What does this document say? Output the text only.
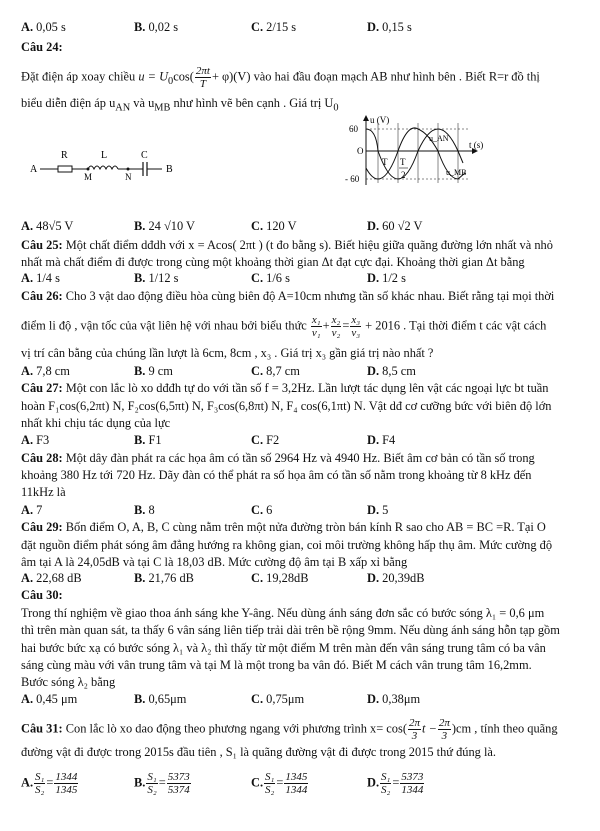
A. 0,05 s	B. 0,02 s	C. 2/15 s	D. 0,15 s
Câu 24:
Đặt điện áp xoay chiều $u = U_0\cos( \frac{2\pi t}{T} + \varphi)(V)$ vào hai đầu đoạn mạch AB như hình bên . Biết R=r đồ thị
biểu diễn điện áp $u_{AN}$ và $u_{MB}$ như hình vẽ bên cạnh . Giá trị $U_0$
A
R
M
L
N
C
B
u (V)
t (s)
60
- 60
O
u_AN
u_MB
T T
2
A. 48√5 V	B. 24 √10 V	C. 120 V	D. 60 √2 V
Câu 25: Một chất điểm dđdh với x = Acos( 2πt ) (t đo bằng s). Biết hiệu giữa quãng đường lớn nhất và nhỏ
nhất mà chất điểm đi được trong cùng một khoảng thời gian Δt đạt cực đại. Khoảng thời gian Δt bằng
A. 1/4 s	B. 1/12 s	C. 1/6 s	D. 1/2 s
Câu 26: Cho 3 vật dao động điều hòa cùng biên độ A=10cm nhưng tần số khác nhau. Biết rằng tại mọi thời
điểm li độ , vận tốc của vật liên hệ với nhau bởi biểu thức $\frac{\text{x₁}}{\text{v₁}} + \frac{\text{x₂}}{\text{v₂}} = \frac{\text{x₃}}{\text{v₃}} + 2016$ . Tại thời điểm t các vật cách
vị trí cân bằng của chúng lần lượt là 6cm, 8cm , x₃ . Giá trị x₃ gần giá trị nào nhất ?
A. 7,8 cm	B. 9 cm	C. 8,7 cm	D. 8,5 cm
Câu 27: Một con lắc lò xo dđđh tự do với tần số f = 3,2Hz. Lần lượt tác dụng lên vật các ngoại lực bt tuần
hoàn F₁cos(6,2πt) N, F₂cos(6,5πt) N, F₃cos(6,8πt) N, F₄ cos(6,1πt) N. Vật dđ cơ cưỡng bức với biên độ lớn
nhất khi chịu tác dụng của lực
A. F3	B. F1	C. F2	D. F4
Câu 28: Một dây đàn phát ra các họa âm có tần số 2964 Hz và 4940 Hz. Biết âm cơ bản có tần số trong
khoảng 380 Hz tới 720 Hz. Dãy đàn có thể phát ra số họa âm có tần số nằm trong khoảng từ 8 kHz đến
11kHz là
A. 7	B. 8	C. 6	D. 5
Câu 29: Bốn điểm O, A, B, C cùng nằm trên một nửa đường tròn bán kính R sao cho AB = BC =R. Tại O
đặt nguồn điểm phát sóng âm đẳng hướng ra không gian, coi môi trường không hấp thụ âm. Mức cường độ
âm tại A là 24,05dB và tại C là 18,03 dB. Mức cường độ âm tại B xấp xỉ bằng
A. 22,68 dB	B. 21,76 dB	C. 19,28dB	D. 20,39dB
Câu 30:
Trong thí nghiệm về giao thoa ánh sáng khe Y-âng. Nếu dùng ánh sáng đơn sắc có bước sóng λ₁ = 0,6 μm
thì trên màn quan sát, ta thấy 6 vân sáng liên tiếp trải dài trên bề rộng 9mm. Nếu dùng ánh sáng hỗn tạp gồm
hai bước bức xạ có bước sóng λ₁ và λ₂ thì thấy từ một điểm M trên màn đến vân sáng trung tâm có ba vân
sáng cùng màu với vân trung tâm và tại M là một trong ba vân đó. Biết M cách vân trung tâm 16,2mm.
Bước sóng λ₂ bằng
A. 0,45 μm	B. 0,65μm	C. 0,75μm	D. 0,38μm
Câu 31: Con lắc lò xo dao động theo phương ngang với phương trình $x= \cos( \frac{2\pi}{3}$ $t - \frac{2\pi}{3} )cm$ , tính theo quãng
đường vật đi được trong 2015s đầu tiên , S₁ là quãng đường vật đi được trong 2015 thứ đúng là.
A. $\frac{\text{S₁}}{\text{S₂}} = \frac{1344}{1345}$	B. $\frac{\text{S₁}}{\text{S₂}} = \frac{5373}{5374}$	C. $\frac{\text{S₁}}{\text{S₂}} = \frac{1345}{1344}$	D. $\frac{\text{S₁}}{\text{S₂}} = \frac{5373}{1344}$
